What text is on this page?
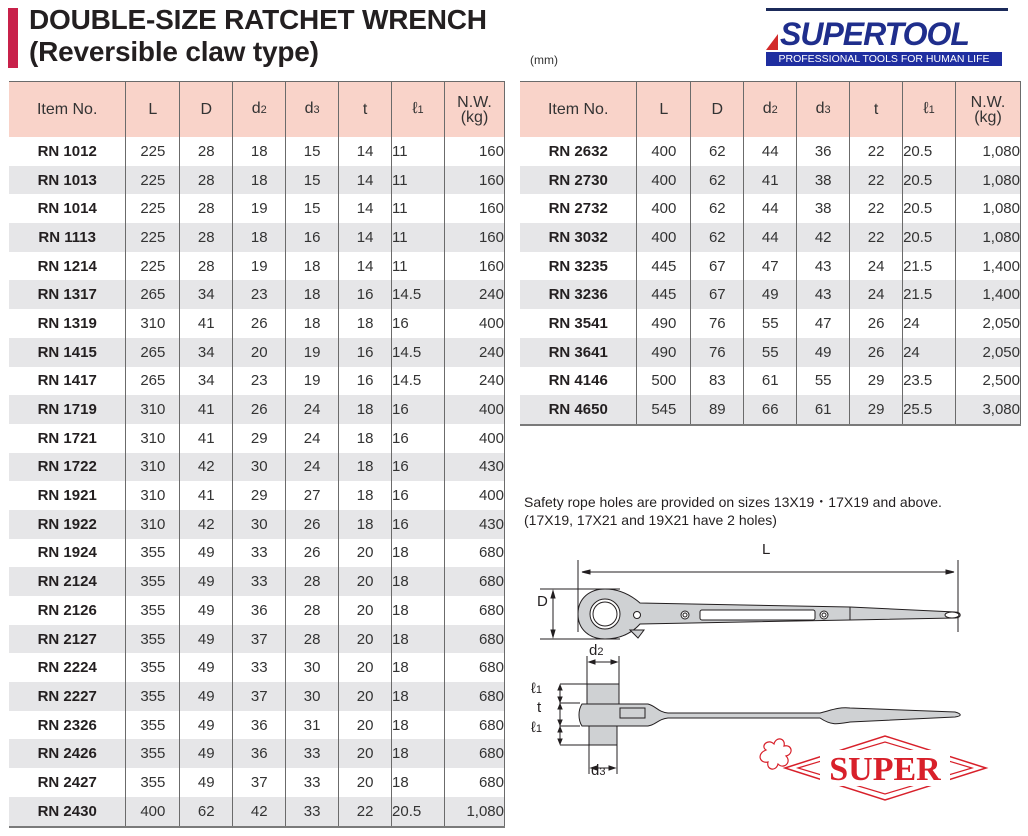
DOUBLE-SIZE RATCHET WRENCH
(Reversible claw type)	(mm)
SUPERTOOL
PROFESSIONAL TOOLS FOR HUMAN LIFE
Item No.	L	D	d2	d3	t	ℓ1	N.W.
(kg)
RN 1012	225	28	18	15	14	11	160
RN 1013	225	28	18	15	14	11	160
RN 1014	225	28	19	15	14	11	160
RN 1113	225	28	18	16	14	11	160
RN 1214	225	28	19	18	14	11	160
RN 1317	265	34	23	18	16	14.5	240
RN 1319	310	41	26	18	18	16	400
RN 1415	265	34	20	19	16	14.5	240
RN 1417	265	34	23	19	16	14.5	240
RN 1719	310	41	26	24	18	16	400
RN 1721	310	41	29	24	18	16	400
RN 1722	310	42	30	24	18	16	430
RN 1921	310	41	29	27	18	16	400
RN 1922	310	42	30	26	18	16	430
RN 1924	355	49	33	26	20	18	680
RN 2124	355	49	33	28	20	18	680
RN 2126	355	49	36	28	20	18	680
RN 2127	355	49	37	28	20	18	680
RN 2224	355	49	33	30	20	18	680
RN 2227	355	49	37	30	20	18	680
RN 2326	355	49	36	31	20	18	680
RN 2426	355	49	36	33	20	18	680
RN 2427	355	49	37	33	20	18	680
RN 2430	400	62	42	33	22	20.5	1,080
Item No.	L	D	d2	d3	t	ℓ1	N.W.
(kg)
RN 2632	400	62	44	36	22	20.5	1,080
RN 2730	400	62	41	38	22	20.5	1,080
RN 2732	400	62	44	38	22	20.5	1,080
RN 3032	400	62	44	42	22	20.5	1,080
RN 3235	445	67	47	43	24	21.5	1,400
RN 3236	445	67	49	43	24	21.5	1,400
RN 3541	490	76	55	47	26	24	2,050
RN 3641	490	76	55	49	26	24	2,050
RN 4146	500	83	61	55	29	23.5	2,500
RN 4650	545	89	66	61	29	25.5	3,080
Safety rope holes are provided on sizes 13X19・17X19 and above.
(17X19, 17X21 and 19X21 have 2 holes)
L
D
d2
ℓ1
t
ℓ1
d3	SUPER
